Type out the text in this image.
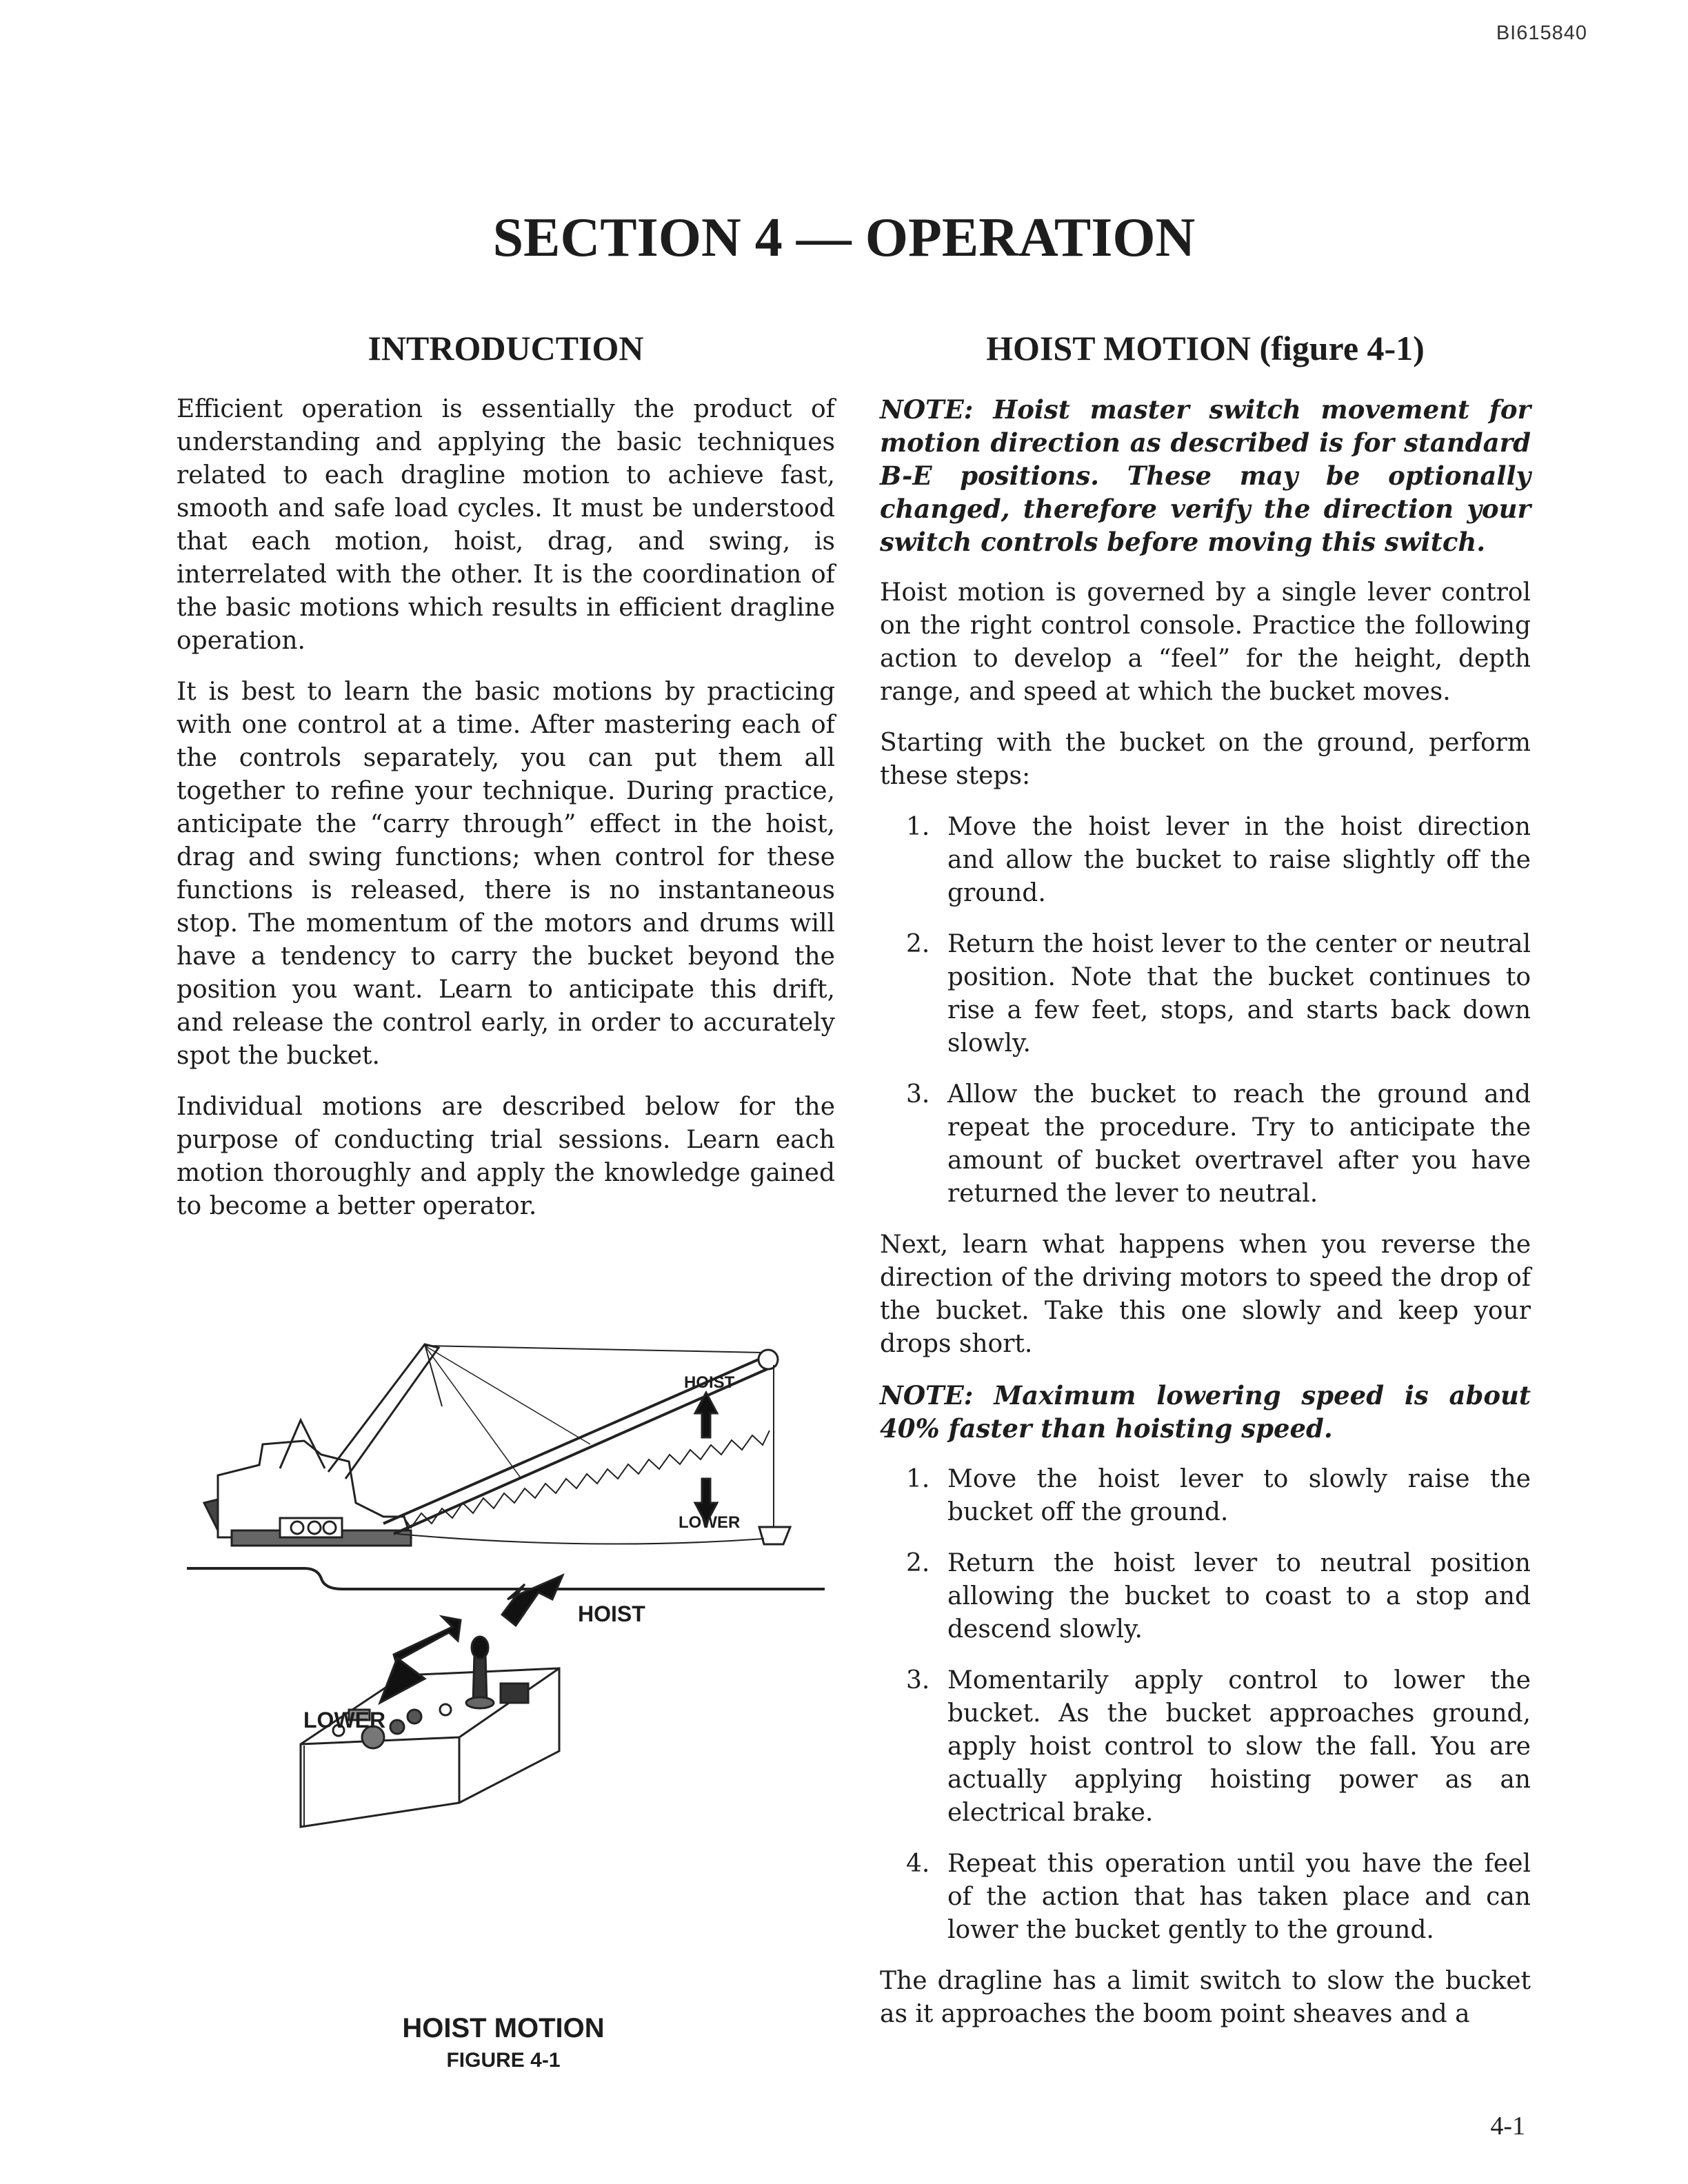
BI615840
SECTION 4 — OPERATION
INTRODUCTION

Efficient operation is essentially the product of understanding and applying the basic techniques related to each dragline motion to achieve fast, smooth and safe load cycles. It must be understood that each motion, hoist, drag, and swing, is interrelated with the other. It is the coordination of the basic motions which results in efficient dragline operation.

It is best to learn the basic motions by practicing with one control at a time. After mastering each of the controls separately, you can put them all together to refine your technique. During practice, anticipate the “carry through” effect in the hoist, drag and swing functions; when control for these functions is released, there is no instantaneous stop. The momentum of the motors and drums will have a tendency to carry the bucket beyond the position you want. Learn to anticipate this drift, and release the control early, in order to accurately spot the bucket.

Individual motions are described below for the purpose of conducting trial sessions. Learn each motion thoroughly and apply the knowledge gained to become a better operator.

HOIST MOTION (figure 4-1)

NOTE: Hoist master switch movement for motion direction as described is for standard B-E positions. These may be optionally changed, therefore verify the direction your switch controls before moving this switch.

Hoist motion is governed by a single lever control on the right control console. Practice the following action to develop a “feel” for the height, depth range, and speed at which the bucket moves.

Starting with the bucket on the ground, perform these steps:

1. Move the hoist lever in the hoist direction and allow the bucket to raise slightly off the ground.
2. Return the hoist lever to the center or neutral position. Note that the bucket continues to rise a few feet, stops, and starts back down slowly.
3. Allow the bucket to reach the ground and repeat the procedure. Try to anticipate the amount of bucket overtravel after you have returned the lever to neutral.

Next, learn what happens when you reverse the direction of the driving motors to speed the drop of the bucket. Take this one slowly and keep your drops short.

NOTE: Maximum lowering speed is about 40% faster than hoisting speed.

1. Move the hoist lever to slowly raise the bucket off the ground.
2. Return the hoist lever to neutral position allowing the bucket to coast to a stop and descend slowly.
3. Momentarily apply control to lower the bucket. As the bucket approaches ground, apply hoist control to slow the fall. You are actually applying hoisting power as an electrical brake.
4. Repeat this operation until you have the feel of the action that has taken place and can lower the bucket gently to the ground.

The dragline has a limit switch to slow the bucket as it approaches the boom point sheaves and a

HOIST
LOWER
HOIST
LOWER
HOIST MOTION
FIGURE 4-1
4-1
